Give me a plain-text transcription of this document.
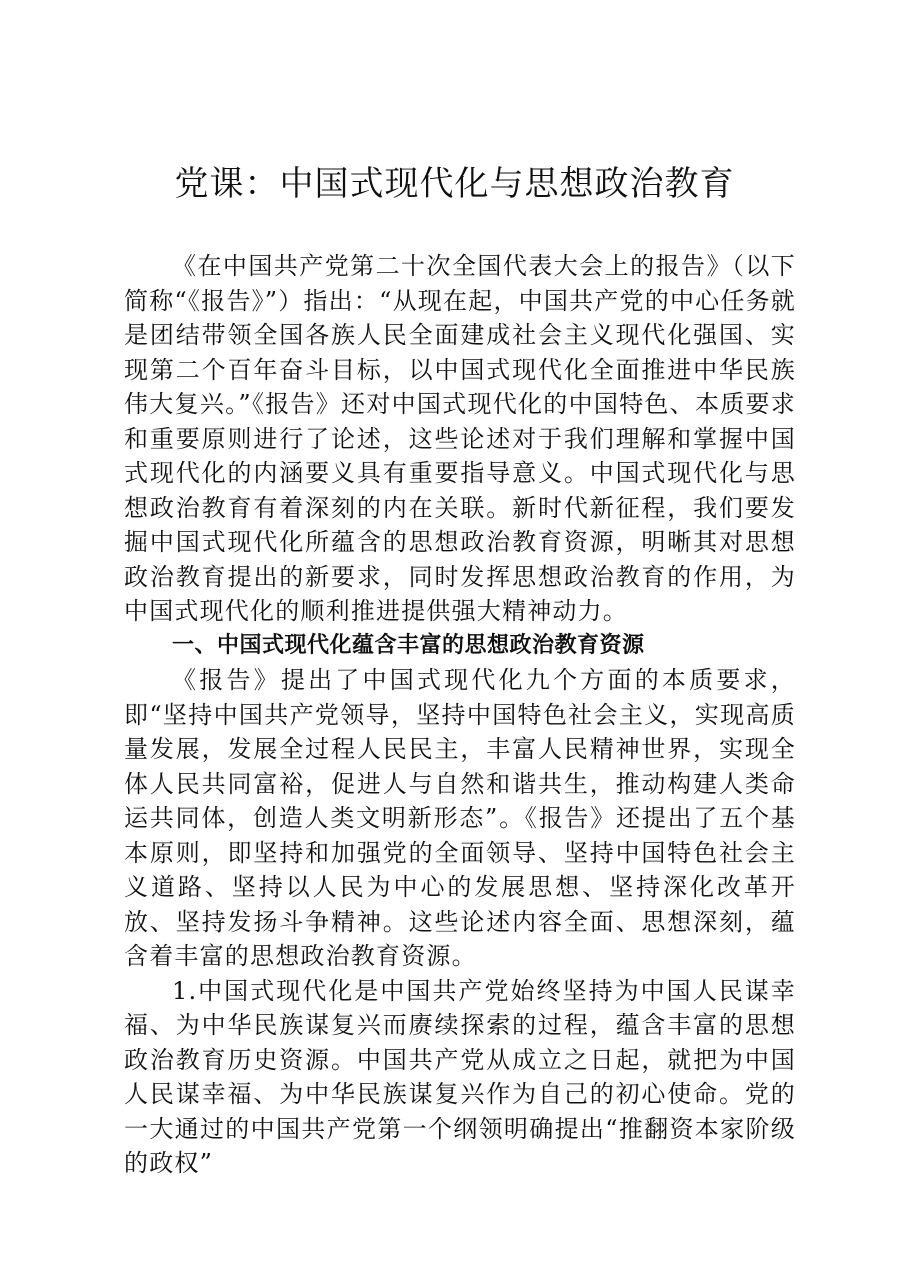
党课：中国式现代化与思想政治教育

《在中国共产党第二十次全国代表大会上的报告》（以下简称“《报告》”）指出：“从现在起，中国共产党的中心任务就是团结带领全国各族人民全面建成社会主义现代化强国、实现第二个百年奋斗目标，以中国式现代化全面推进中华民族伟大复兴。”《报告》还对中国式现代化的中国特色、本质要求和重要原则进行了论述，这些论述对于我们理解和掌握中国式现代化的内涵要义具有重要指导意义。中国式现代化与思想政治教育有着深刻的内在关联。新时代新征程，我们要发掘中国式现代化所蕴含的思想政治教育资源，明晰其对思想政治教育提出的新要求，同时发挥思想政治教育的作用，为中国式现代化的顺利推进提供强大精神动力。

一、中国式现代化蕴含丰富的思想政治教育资源

《报告》提出了中国式现代化九个方面的本质要求，即“坚持中国共产党领导，坚持中国特色社会主义，实现高质量发展，发展全过程人民民主，丰富人民精神世界，实现全体人民共同富裕，促进人与自然和谐共生，推动构建人类命运共同体，创造人类文明新形态”。《报告》还提出了五个基本原则，即坚持和加强党的全面领导、坚持中国特色社会主义道路、坚持以人民为中心的发展思想、坚持深化改革开放、坚持发扬斗争精神。这些论述内容全面、思想深刻，蕴含着丰富的思想政治教育资源。

1.中国式现代化是中国共产党始终坚持为中国人民谋幸福、为中华民族谋复兴而赓续探索的过程，蕴含丰富的思想政治教育历史资源。中国共产党从成立之日起，就把为中国人民谋幸福、为中华民族谋复兴作为自己的初心使命。党的一大通过的中国共产党第一个纲领明确提出“推翻资本家阶级的政权”
